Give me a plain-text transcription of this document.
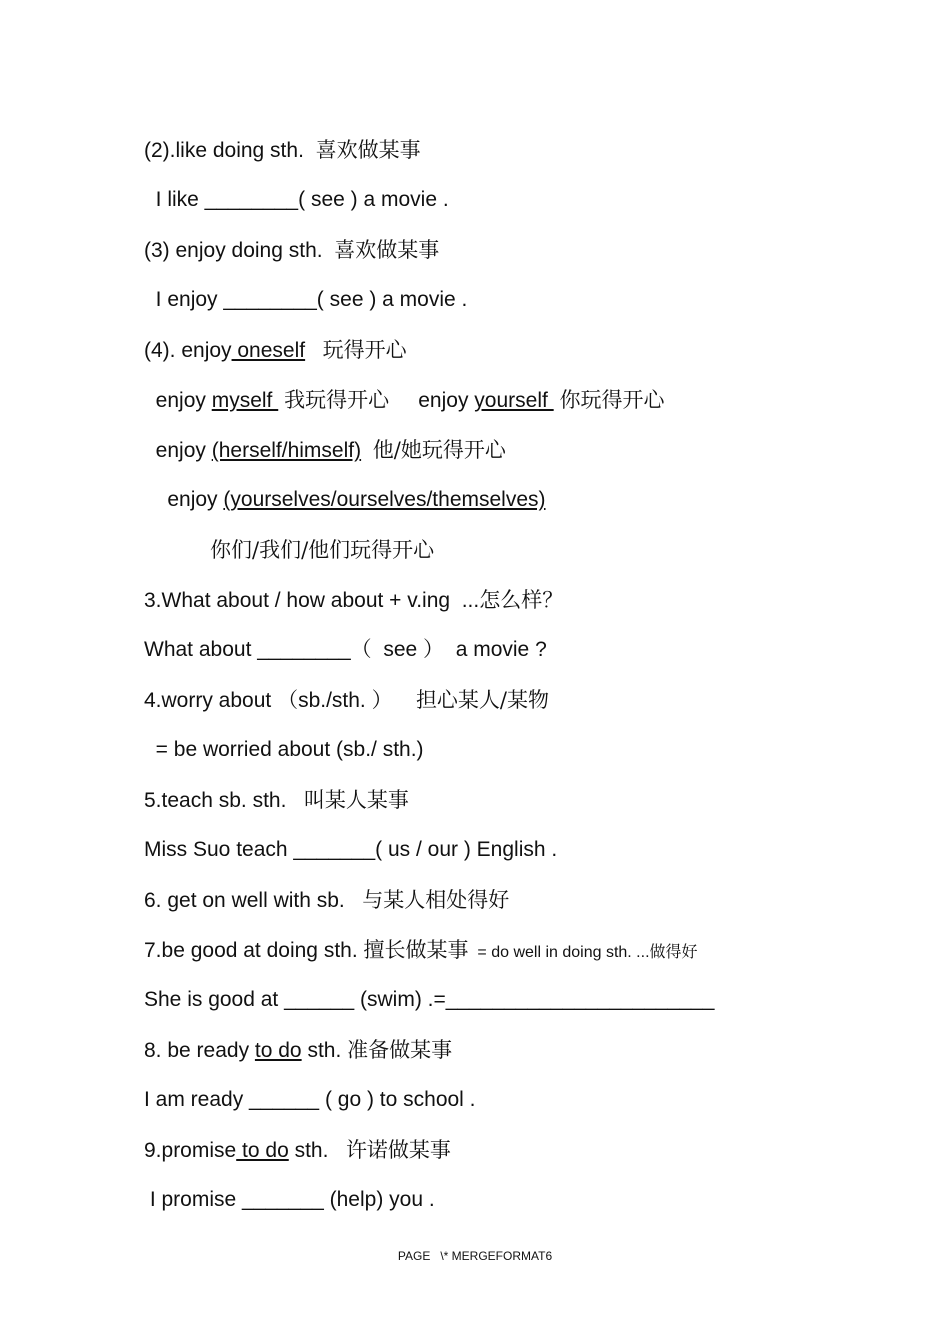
(2).like doing sth.  喜欢做某事
I like ________( see ) a movie .
(3) enjoy doing sth.  喜欢做某事
I enjoy ________( see ) a movie .
(4). enjoy oneself 玩得开心
enjoy myself  我玩得开心     enjoy yourself  你玩得开心
enjoy (herself/himself) 他/她玩得开心
enjoy (yourselves/ourselves/themselves)
你们/我们/他们玩得开心
3.What about / how about + v.ing  ...怎么样？
What about ________（  see ）  a movie ?
4.worry about （sb./sth. ）    担心某人/某物
= be worried about (sb./ sth.)
5.teach sb. sth.   叫某人某事
Miss Suo teach _______( us / our ) English .
6. get on well with sb.   与某人相处得好
7.be good at doing sth. 擅长做某事  = do well in doing sth. ...做得好
She is good at ______ (swim) .=_______________________
8. be ready to do sth. 准备做某事
I am ready ______ ( go ) to school .
9.promise to do sth.   许诺做某事
I promise _______ (help) you .
PAGE   \* MERGEFORMAT6
